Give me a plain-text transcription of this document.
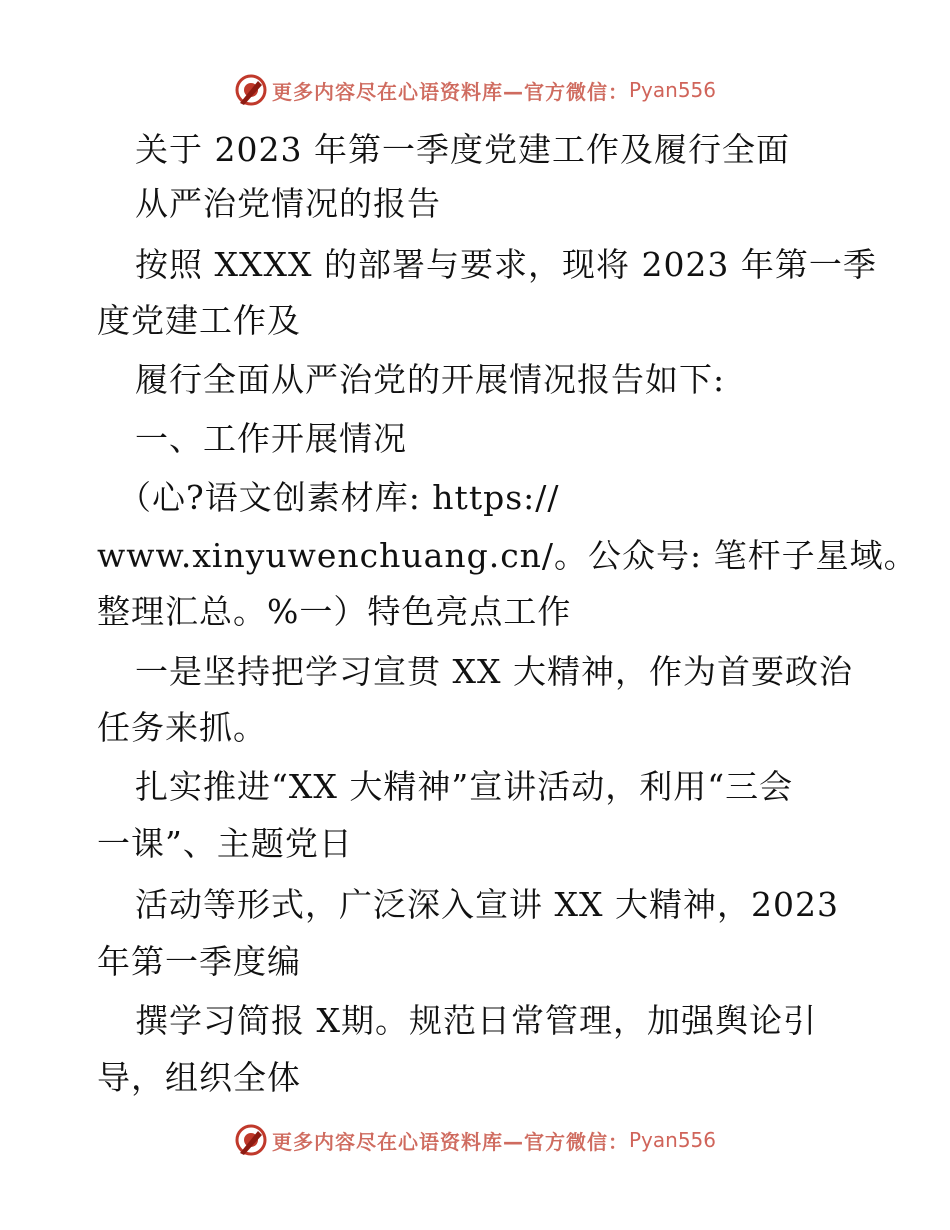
更多内容尽在心语资料库—官方微信： Pyan556
关于 2023 年第一季度党建工作及履行全面
从严治党情况的报告
按照 XXXX 的部署与要求，现将 2023 年第一季
度党建工作及
履行全面从严治党的开展情况报告如下:
一、工作开展情况
（心?语文创素材库: https://
www.xinyuwenchuang.cn/。公众号: 笔杆子星域。
整理汇总。%一）特色亮点工作
一是坚持把学习宣贯 XX 大精神，作为首要政治
任务来抓。
扎实推进“XX 大精神”宣讲活动，利用“三会
一课”、主题党日
活动等形式，广泛深入宣讲 XX 大精神，2023
年第一季度编
撰学习简报 X期。规范日常管理，加强舆论引
导，组织全体
更多内容尽在心语资料库—官方微信： Pyan556
